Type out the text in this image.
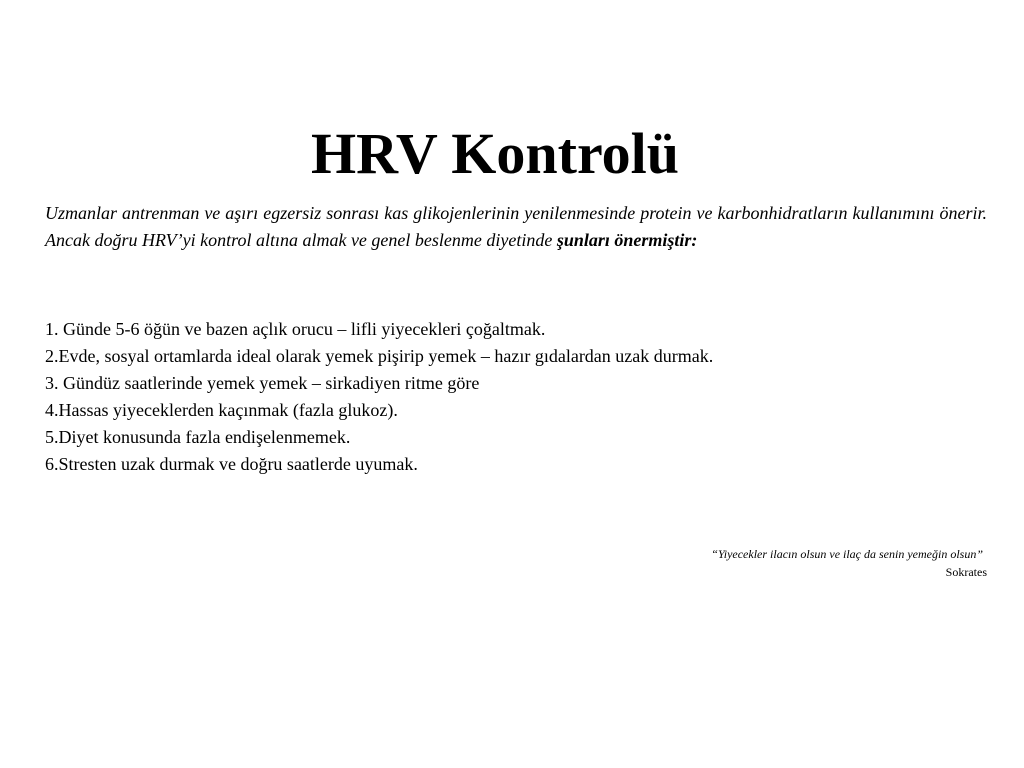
HRV Kontrolü

Uzmanlar antrenman ve aşırı egzersiz sonrası kas glikojenlerinin yenilenmesinde protein ve karbonhidratların kullanımını önerir. Ancak doğru HRV’yi kontrol altına almak ve genel beslenme diyetinde şunları önermiştir:

1. Günde 5-6 öğün ve bazen açlık orucu – lifli yiyecekleri çoğaltmak.
2.Evde, sosyal ortamlarda ideal olarak yemek pişirip yemek – hazır gıdalardan uzak durmak.
3. Gündüz saatlerinde yemek yemek – sirkadiyen ritme göre
4.Hassas yiyeceklerden kaçınmak (fazla glukoz).
5.Diyet konusunda fazla endişelenmemek.
6.Stresten uzak durmak ve doğru saatlerde uyumak.
“Yiyecekler ilacın olsun ve ilaç da senin yemeğin olsun”
Sokrates
